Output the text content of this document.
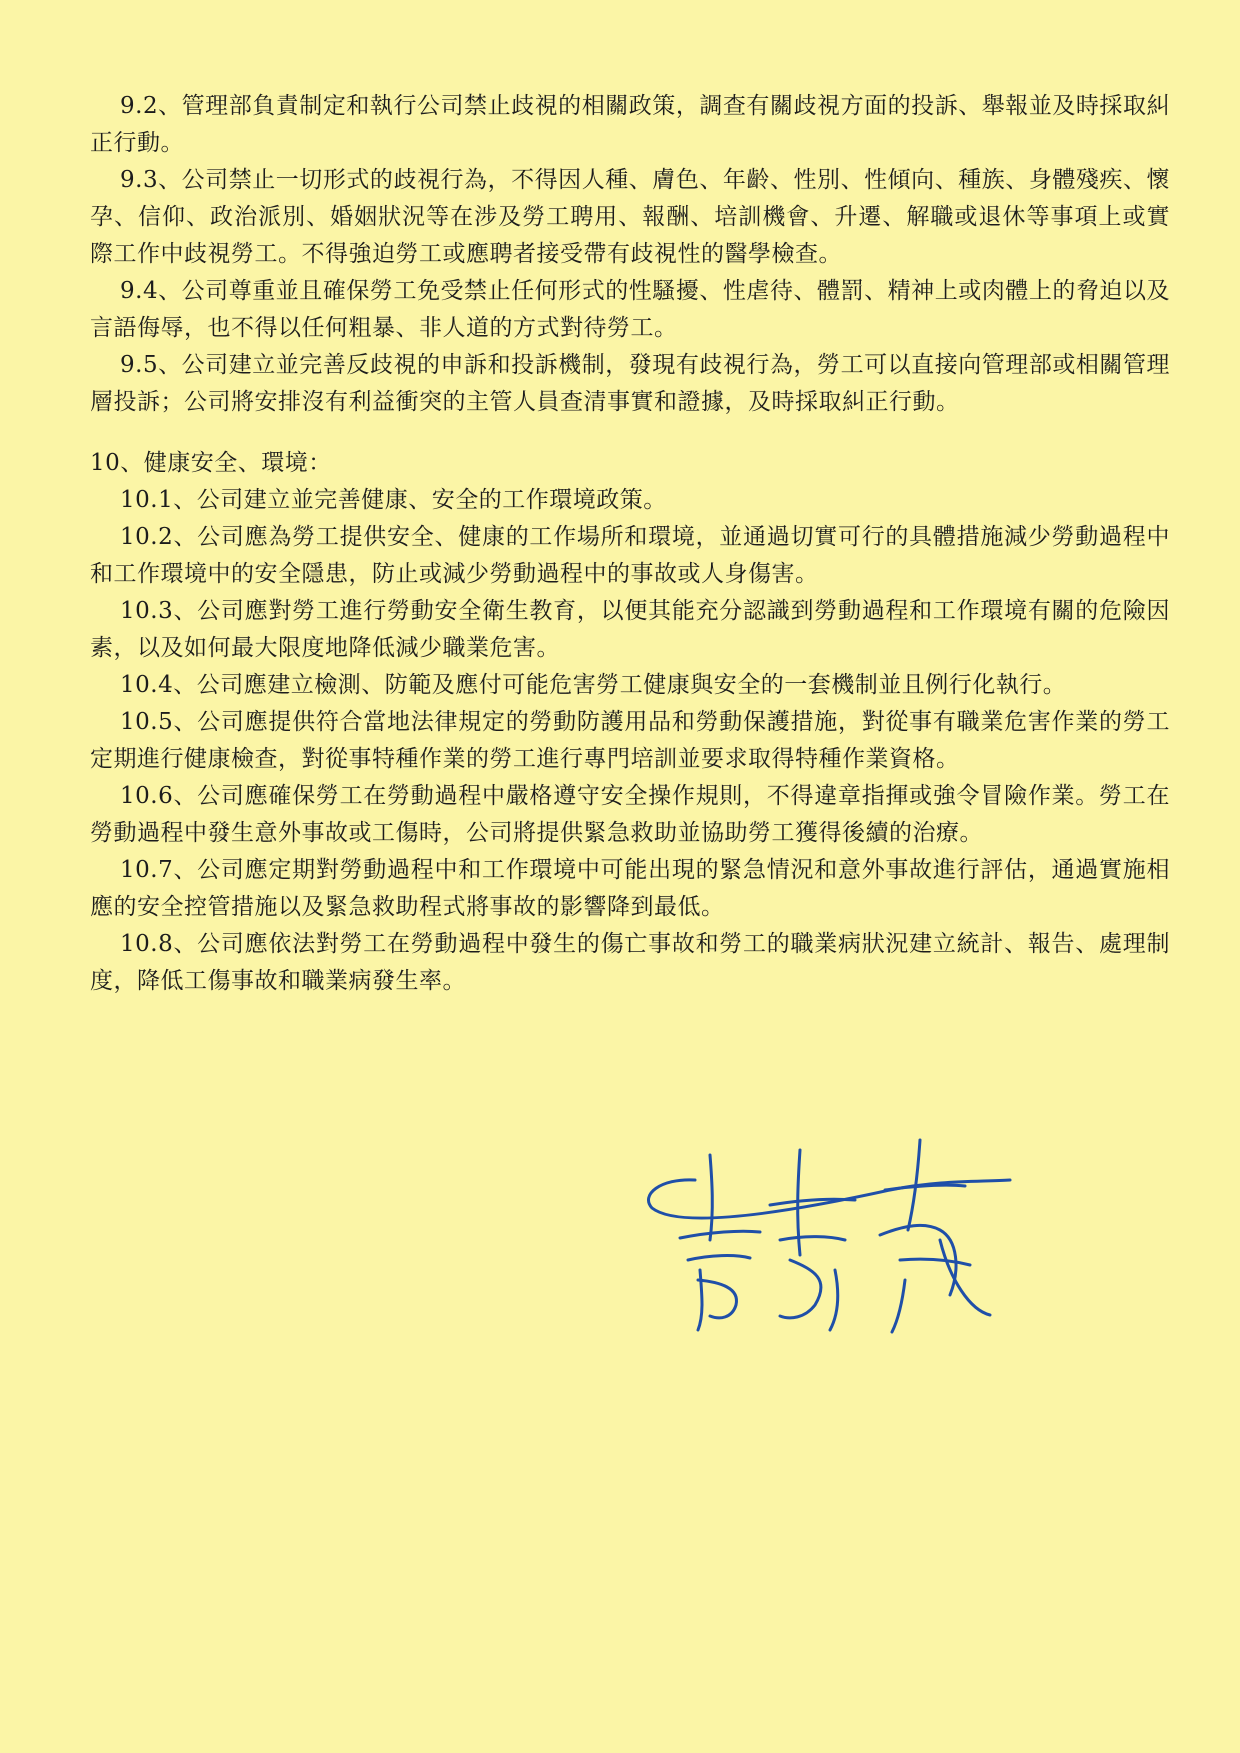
9.2、管理部負責制定和執行公司禁止歧視的相關政策，調查有關歧視方面的投訴、舉報並及時採取糾正行動。

9.3、公司禁止一切形式的歧視行為，不得因人種、膚色、年齡、性別、性傾向、種族、身體殘疾、懷孕、信仰、政治派別、婚姻狀況等在涉及勞工聘用、報酬、培訓機會、升遷、解職或退休等事項上或實際工作中歧視勞工。不得強迫勞工或應聘者接受帶有歧視性的醫學檢查。

9.4、公司尊重並且確保勞工免受禁止任何形式的性騷擾、性虐待、體罰、精神上或肉體上的脅迫以及言語侮辱，也不得以任何粗暴、非人道的方式對待勞工。

9.5、公司建立並完善反歧視的申訴和投訴機制，發現有歧視行為，勞工可以直接向管理部或相關管理層投訴；公司將安排沒有利益衝突的主管人員查清事實和證據，及時採取糾正行動。

10、健康安全、環境：

10.1、公司建立並完善健康、安全的工作環境政策。

10.2、公司應為勞工提供安全、健康的工作場所和環境，並通過切實可行的具體措施減少勞動過程中和工作環境中的安全隱患，防止或減少勞動過程中的事故或人身傷害。

10.3、公司應對勞工進行勞動安全衛生教育，以便其能充分認識到勞動過程和工作環境有關的危險因素，以及如何最大限度地降低減少職業危害。

10.4、公司應建立檢測、防範及應付可能危害勞工健康與安全的一套機制並且例行化執行。

10.5、公司應提供符合當地法律規定的勞動防護用品和勞動保護措施，對從事有職業危害作業的勞工定期進行健康檢查，對從事特種作業的勞工進行專門培訓並要求取得特種作業資格。

10.6、公司應確保勞工在勞動過程中嚴格遵守安全操作規則，不得違章指揮或強令冒險作業。勞工在勞動過程中發生意外事故或工傷時，公司將提供緊急救助並協助勞工獲得後續的治療。

10.7、公司應定期對勞動過程中和工作環境中可能出現的緊急情況和意外事故進行評估，通過實施相應的安全控管措施以及緊急救助程式將事故的影響降到最低。

10.8、公司應依法對勞工在勞動過程中發生的傷亡事故和勞工的職業病狀況建立統計、報告、處理制度，降低工傷事故和職業病發生率。
